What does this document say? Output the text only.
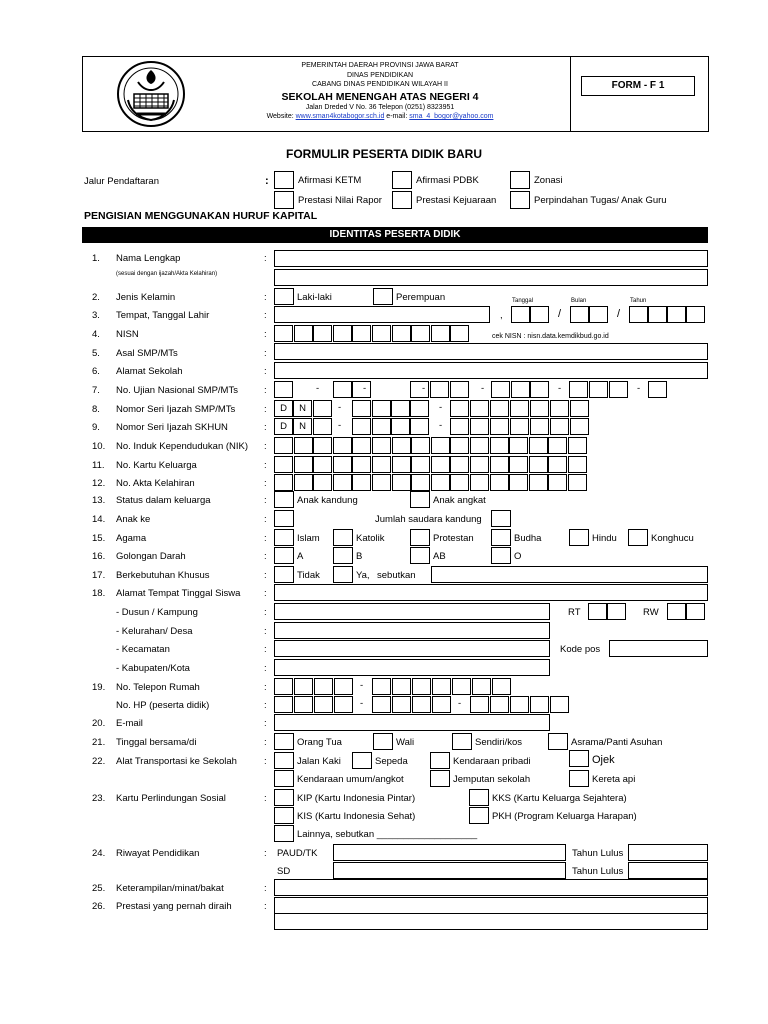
PEMERINTAH DAERAH PROVINSI JAWA BARAT
DINAS PENDIDIKAN
CABANG DINAS PENDIDIKAN WILAYAH II
SEKOLAH MENENGAH ATAS NEGERI 4
Jalan Dreded V No. 36 Telepon (0251) 8323951
Website: www.sman4kotabogor.sch.id e-mail: sma_4_bogor@yahoo.com
FORM - F 1
FORMULIR PESERTA DIDIK BARU
Jalur Pendaftaran	:	Afirmasi KETM	Afirmasi PDBK	Zonasi
Prestasi Nilai Rapor	Prestasi Kejuaraan	Perpindahan Tugas/ Anak Guru
PENGISIAN MENGGUNAKAN HURUF KAPITAL
IDENTITAS PESERTA DIDIK
1.	Nama Lengkap
(sesuai dengan ijazah/Akta Kelahiran)
:
2.	Jenis Kelamin	:	Laki-laki	Perempuan	Tanggal	Bulan	Tahun
3.	Tempat, Tanggal Lahir	:	,	/	/
4.	NISN	:	cek NISN : nisn.data.kemdikbud.go.id
5.	Asal SMP/MTs	:
6.	Alamat Sekolah	:
7.	No. Ujian Nasional SMP/MTs	:	-	-	-	-	-	-
8.	Nomor Seri Ijazah SMP/MTs	:	D	N	-	-
9.	Nomor Seri Ijazah SKHUN	:	D	N	-	-
10.	No. Induk Kependudukan (NIK) :
11.	No. Kartu Keluarga	:
12.	No. Akta Kelahiran	:
13.	Status dalam keluarga	:	Anak kandung	Anak angkat
14.	Anak ke	:	Jumlah saudara kandung
15.	Agama	:	Islam	Katolik	Protestan	Budha	Hindu	Konghucu
16.	Golongan Darah	:	A	B	AB	O
17.	Berkebutuhan Khusus	:	Tidak	Ya, sebutkan
18.	Alamat Tempat Tinggal Siswa :
- Dusun / Kampung	:	RT	RW
- Kelurahan/ Desa	:
- Kecamatan	:	Kode pos
- Kabupaten/Kota	:
19.	No. Telepon Rumah	:	-
No. HP (peserta didik)	:	-	-
20.	E-mail	:
21.	Tinggal bersama/di	:	Orang Tua	Wali	Sendiri/kos	Asrama/Panti Asuhan
22.	Alat Transportasi ke Sekolah	:	Jalan Kaki	Sepeda	Kendaraan pribadi	Ojek
Kendaraan umum/angkot	Jemputan sekolah	Kereta api
23.	Kartu Perlindungan Sosial	:	KIP (Kartu Indonesia Pintar)	KKS (Kartu Keluarga Sejahtera)
KIS (Kartu Indonesia Sehat)	PKH (Program Keluarga Harapan)
Lainnya, sebutkan ___________________
24.	Riwayat Pendidikan	: PAUD/TK	Tahun Lulus
SD	Tahun Lulus
25.	Keterampilan/minat/bakat	:
26.	Prestasi yang pernah diraih	:
